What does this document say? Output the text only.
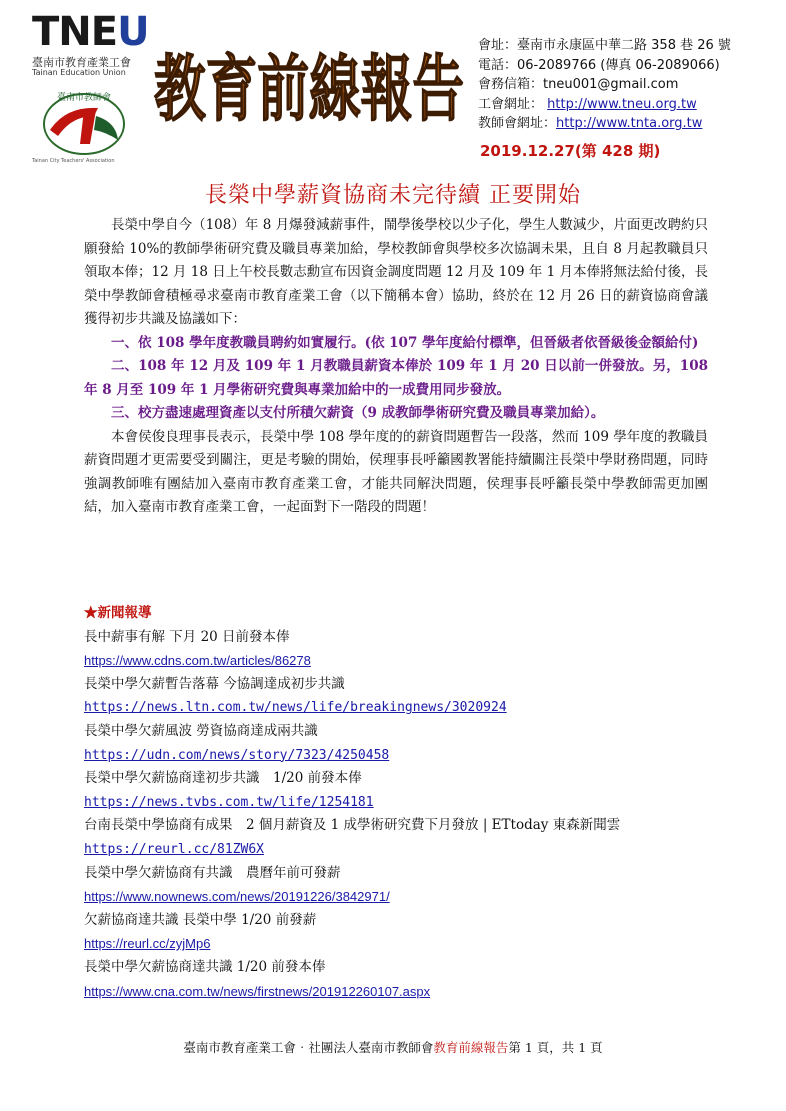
TNEU
臺南市教育產業工會
Tainan Education Union
臺南市教師會
Tainan City Teachers' Association
教育前線報告
會址：臺南市永康區中華二路 358 巷 26 號
電話：06-2089766 (傳真 06-2089066)
會務信箱：tneu001@gmail.com
工會網址： http://www.tneu.org.tw
教師會網址：http://www.tnta.org.tw
2019.12.27(第 428 期)
長榮中學薪資協商未完待續 正要開始

長榮中學自今（108）年 8 月爆發減薪事件，鬧學後學校以少子化，學生人數減少，片面更改聘約只願發給 10%的教師學術研究費及職員專業加給，學校教師會與學校多次協調未果，且自 8 月起教職員只領取本俸；12 月 18 日上午校長數志勳宣布因資金調度問題 12 月及 109 年 1 月本俸將無法給付後，長榮中學教師會積極尋求臺南市教育產業工會（以下簡稱本會）協助，終於在 12 月 26 日的薪資協商會議獲得初步共識及協議如下：

一、依 108 學年度教職員聘約如實履行。(依 107 學年度給付標準，但晉級者依晉級後金額給付)

二、108 年 12 月及 109 年 1 月教職員薪資本俸於 109 年 1 月 20 日以前一併發放。另，108 年 8 月至 109 年 1 月學術研究費與專業加給中的一成費用同步發放。

三、校方盡速處理資產以支付所積欠薪資（9 成教師學術研究費及職員專業加給）。

本會侯俊良理事長表示，長榮中學 108 學年度的的薪資問題暫告一段落，然而 109 學年度的教職員薪資問題才更需要受到關注，更是考驗的開始，侯理事長呼籲國教署能持續關注長榮中學財務問題，同時強調教師唯有團結加入臺南市教育產業工會，才能共同解決問題，侯理事長呼籲長榮中學教師需更加團結，加入臺南市教育產業工會，一起面對下一階段的問題！

★新聞報導
長中薪事有解 下月 20 日前發本俸
https://www.cdns.com.tw/articles/86278
長榮中學欠薪暫告落幕 今協調達成初步共識
https://news.ltn.com.tw/news/life/breakingnews/3020924
長榮中學欠薪風波 勞資協商達成兩共識
https://udn.com/news/story/7323/4250458
長榮中學欠薪協商達初步共識　1/20 前發本俸
https://news.tvbs.com.tw/life/1254181
台南長榮中學協商有成果　2 個月薪資及 1 成學術研究費下月發放 | ETtoday 東森新聞雲
https://reurl.cc/81ZW6X
長榮中學欠薪協商有共識　農曆年前可發薪
https://www.nownews.com/news/20191226/3842971/
欠薪協商達共識 長榮中學 1/20 前發薪
https://reurl.cc/zyjMp6
長榮中學欠薪協商達共識 1/20 前發本俸
https://www.cna.com.tw/news/firstnews/201912260107.aspx
臺南市教育產業工會‧社團法人臺南市教師會教育前線報告第 1 頁，共 1 頁
